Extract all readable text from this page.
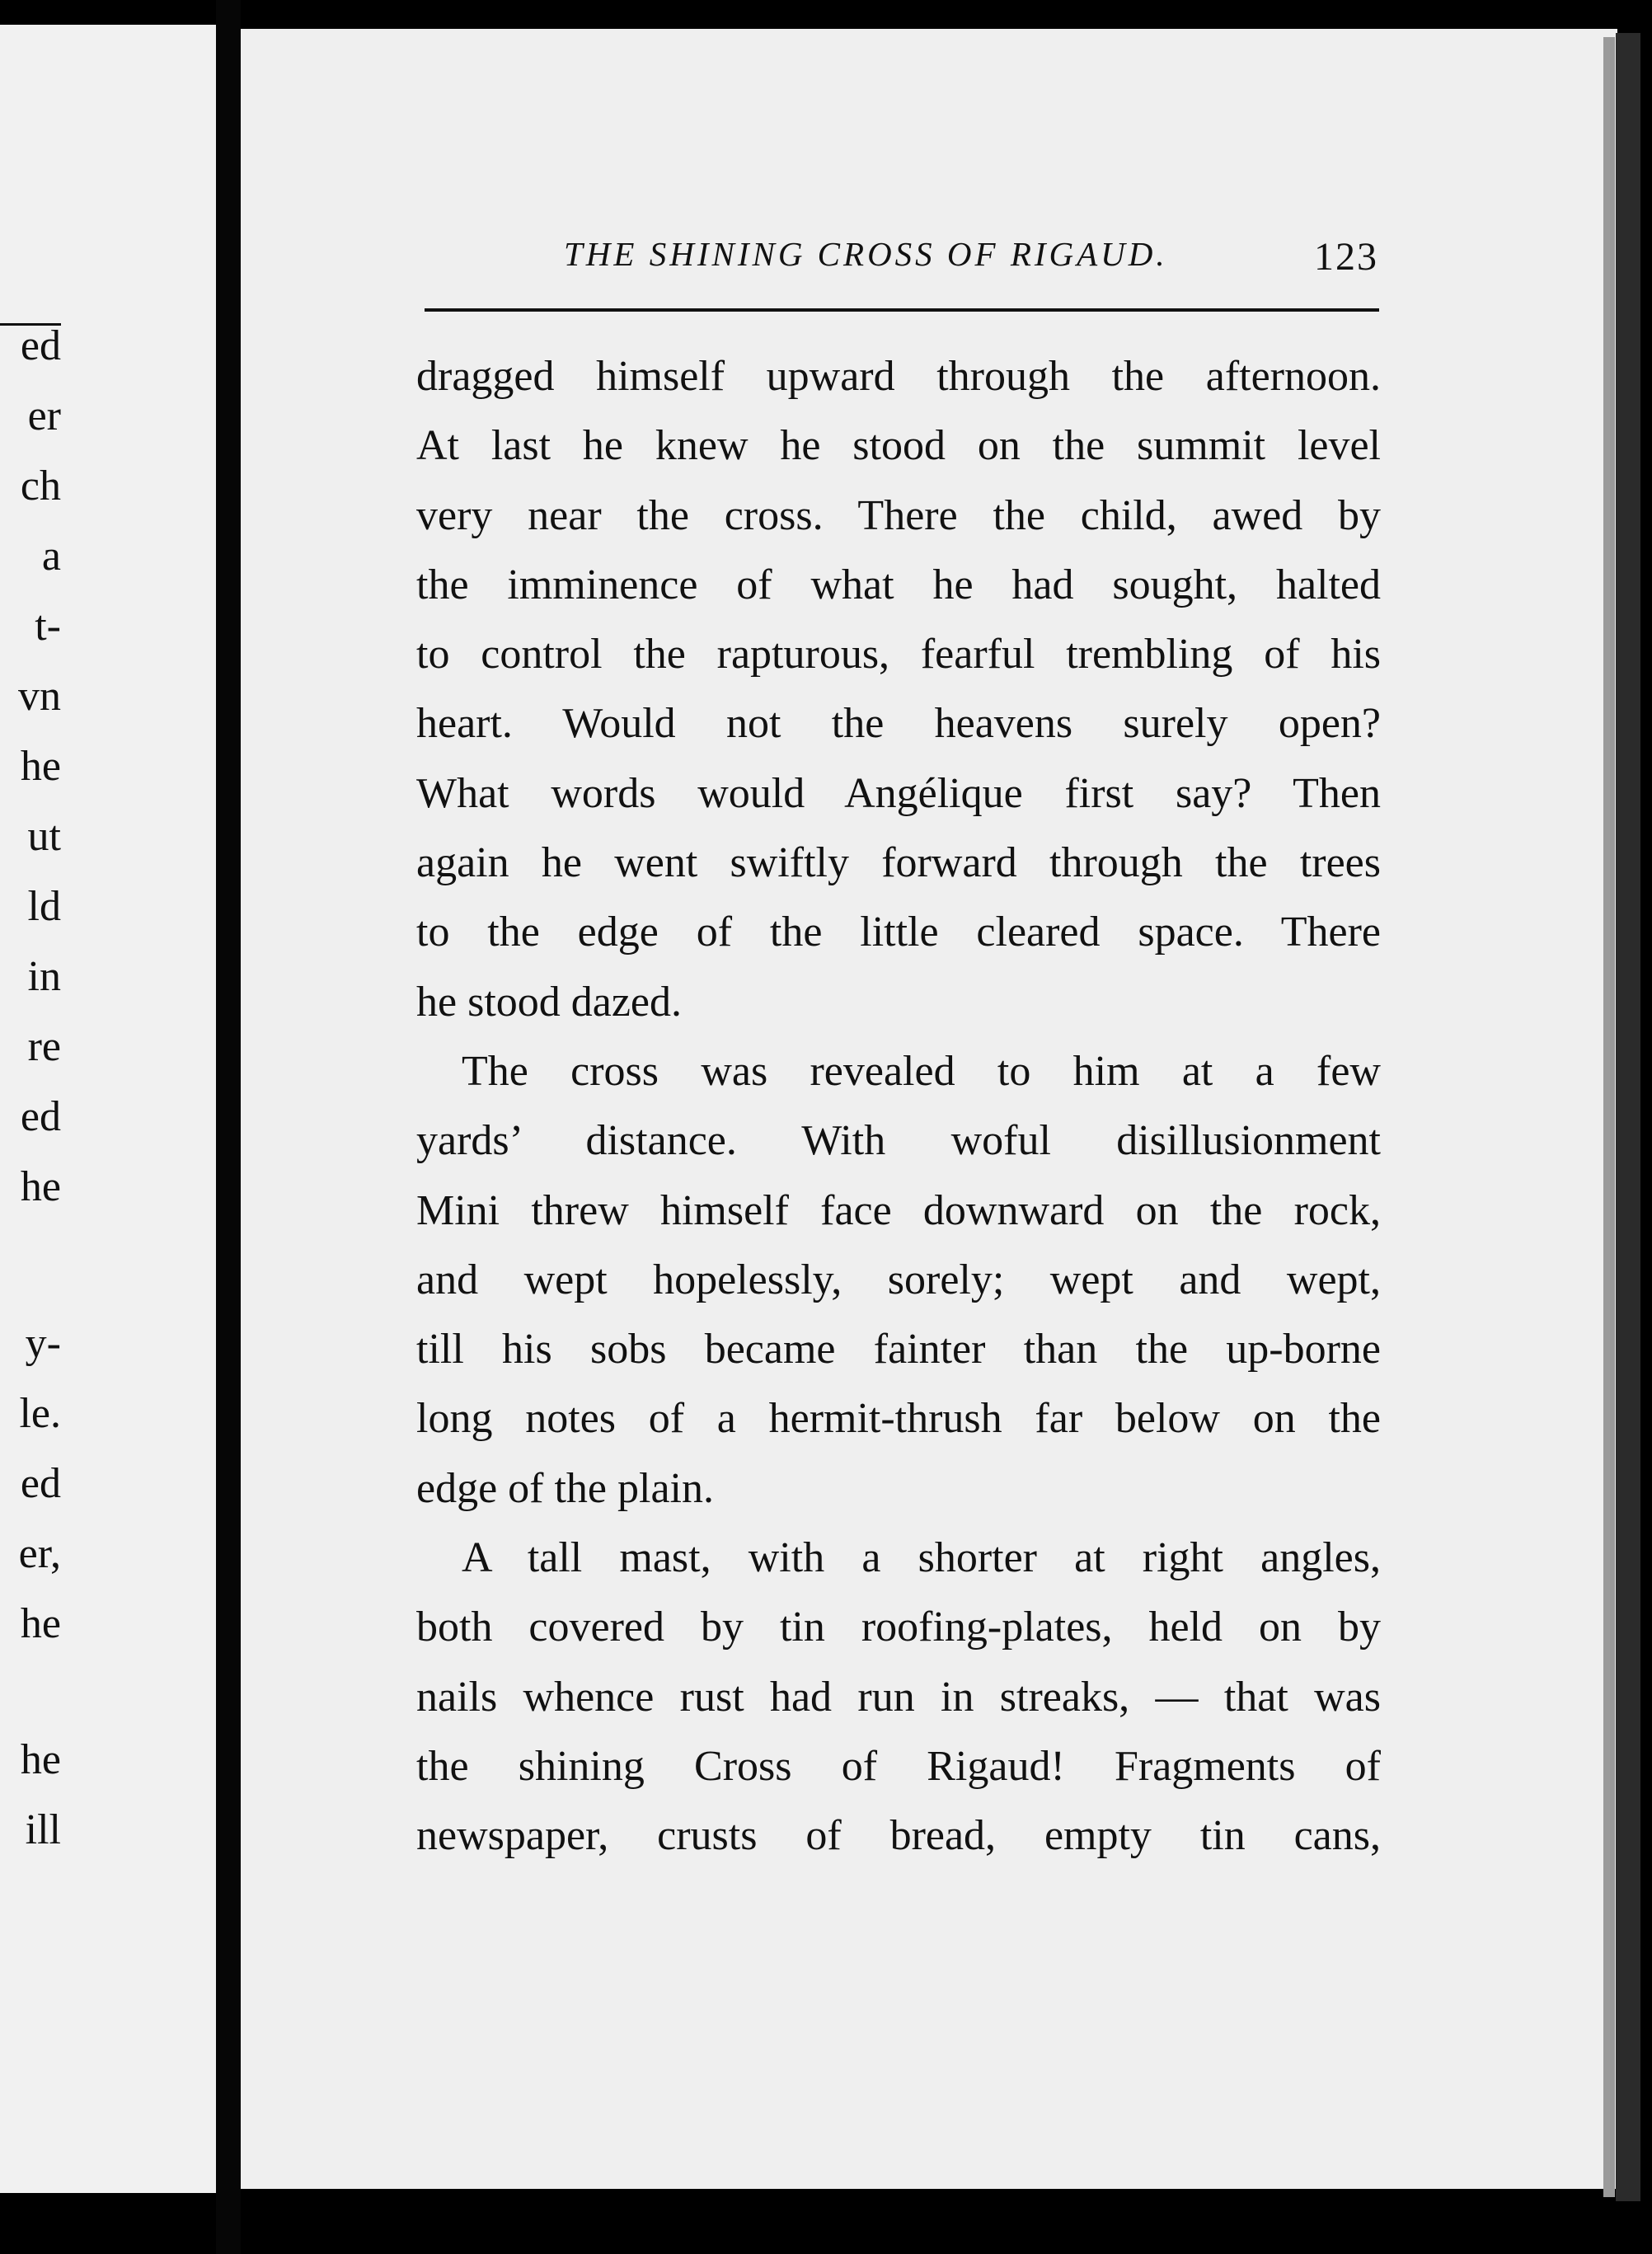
ed
er
ch
a
t-
vn
he
ut
ld
in
re
ed
he
y-
le.
ed
er,
he
he
ill
THE SHINING CROSS OF RIGAUD.	123
dragged himself upward through the afternoon.
At last he knew he stood on the summit level
very near the cross. There the child, awed by
the imminence of what he had sought, halted
to control the rapturous, fearful trembling of his
heart. Would not the heavens surely open?
What words would Angélique first say? Then
again he went swiftly forward through the trees
to the edge of the little cleared space. There
he stood dazed.
The cross was revealed to him at a few
yards’ distance. With woful disillusionment
Mini threw himself face downward on the rock,
and wept hopelessly, sorely; wept and wept,
till his sobs became fainter than the up-borne
long notes of a hermit-thrush far below on the
edge of the plain.
A tall mast, with a shorter at right angles,
both covered by tin roofing-plates, held on by
nails whence rust had run in streaks, — that was
the shining Cross of Rigaud! Fragments of
newspaper, crusts of bread, empty tin cans,
